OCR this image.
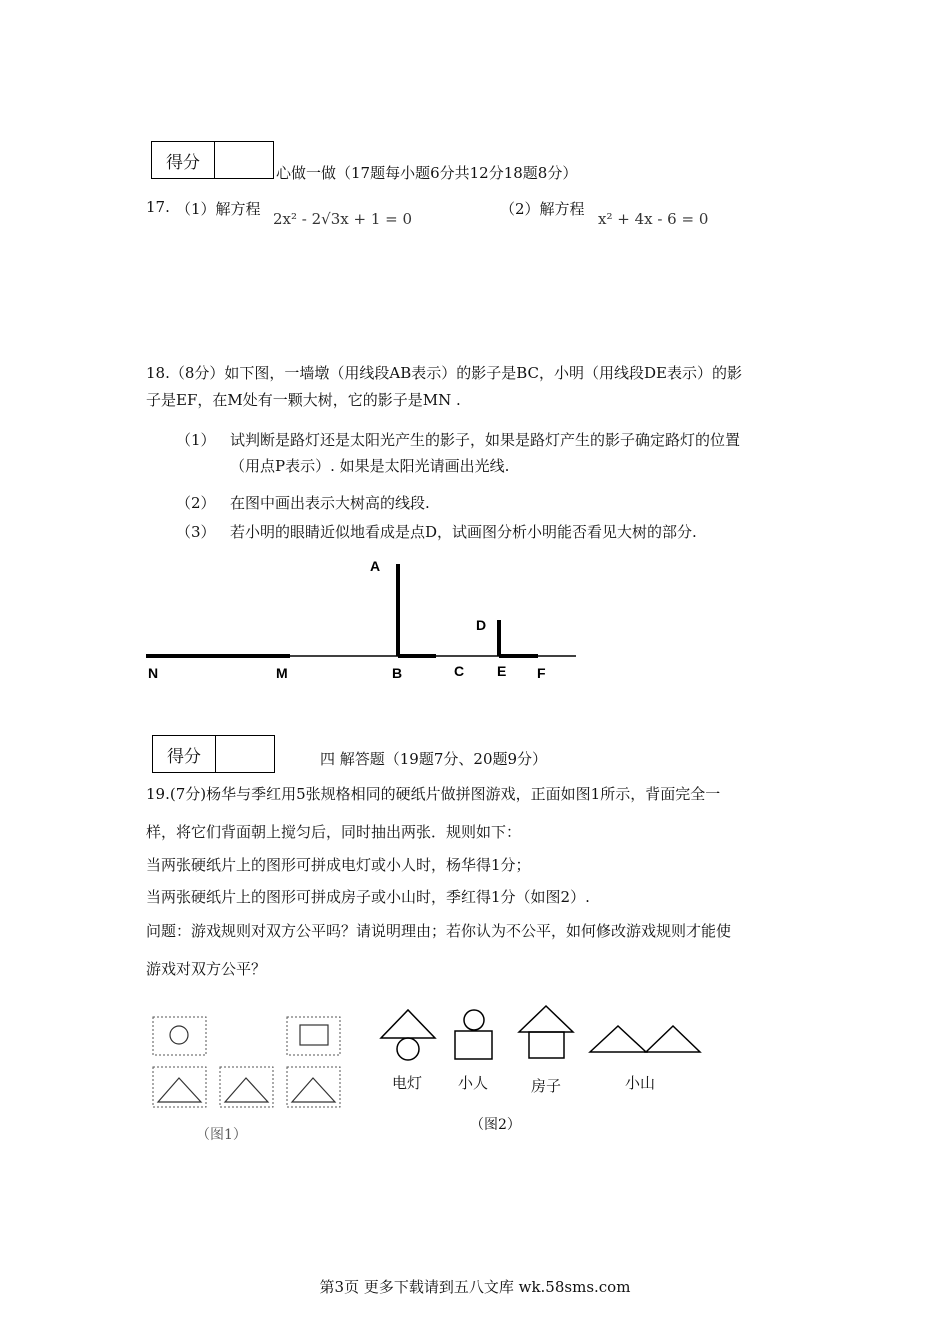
得分
心做一做（17题每小题6分共12分18题8分）
17. （1）解方程
2x² - 2√3x + 1 = 0
（2）解方程
x² + 4x - 6 = 0
18.（8分）如下图，一墙墩（用线段AB表示）的影子是BC，小明（用线段DE表示）的影
子是EF，在M处有一颗大树，它的影子是MN .
（1） 试判断是路灯还是太阳光产生的影子，如果是路灯产生的影子确定路灯的位置
（用点P表示）. 如果是太阳光请画出光线.
（2） 在图中画出表示大树高的线段.
（3） 若小明的眼睛近似地看成是点D，试画图分析小明能否看见大树的部分.
A
D
N	M	B	C E F
得分	四 解答题（19题7分、20题9分）
19.(7分)杨华与季红用5张规格相同的硬纸片做拼图游戏，正面如图1所示，背面完全一
样，将它们背面朝上搅匀后，同时抽出两张．规则如下：
当两张硬纸片上的图形可拼成电灯或小人时，杨华得1分；
当两张硬纸片上的图形可拼成房子或小山时，季红得1分（如图2）.
问题：游戏规则对双方公平吗？请说明理由；若你认为不公平，如何修改游戏规则才能使
游戏对双方公平？
（图1）
电灯 小人	房子	小山
（图2）
第3页 更多下载请到五八文库 wk.58sms.com
